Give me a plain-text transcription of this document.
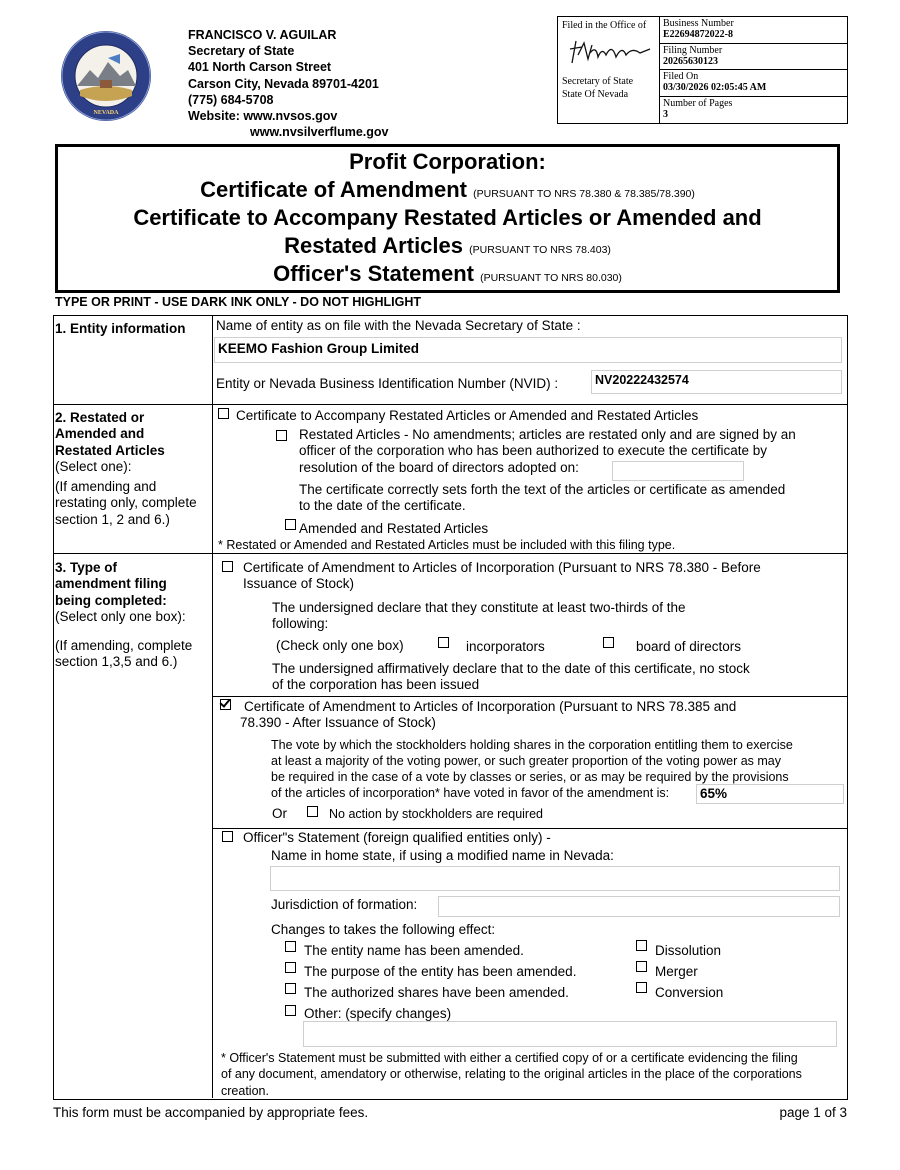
NEVADA
FRANCISCO V. AGUILAR
Secretary of State
401 North Carson Street
Carson City, Nevada 89701-4201
(775) 684-5708
Website: www.nvsos.gov
www.nvsilverflume.gov
Filed in the Office of
Secretary of State
State Of Nevada
Business Number
E22694872022-8
Filing Number
20265630123
Filed On
03/30/2026 02:05:45 AM
Number of Pages
3
Profit Corporation:
Certificate of Amendment (PURSUANT TO NRS 78.380 & 78.385/78.390)
Certificate to Accompany Restated Articles or Amended and
Restated Articles (PURSUANT TO NRS 78.403)
Officer's Statement (PURSUANT TO NRS 80.030)
TYPE OR PRINT - USE DARK INK ONLY - DO NOT HIGHLIGHT
1. Entity information Name of entity as on file with the Nevada Secretary of State :
KEEMO Fashion Group Limited
Entity or Nevada Business Identification Number (NVID) :	NV20222432574
2. Restated or
Amended and
Restated Articles
(Select one):
(If amending and
restating only, complete
section 1, 2 and 6.)
Certificate to Accompany Restated Articles or Amended and Restated Articles
Restated Articles - No amendments; articles are restated only and are signed by an
officer of the corporation who has been authorized to execute the certificate by
resolution of the board of directors adopted on:
The certificate correctly sets forth the text of the articles or certificate as amended
to the date of the certificate.
Amended and Restated Articles
* Restated or Amended and Restated Articles must be included with this filing type.
3. Type of
amendment filing
being completed:
(Select only one box):
(If amending, complete
section 1,3,5 and 6.)
Certificate of Amendment to Articles of Incorporation (Pursuant to NRS 78.380 - Before
Issuance of Stock)
The undersigned declare that they constitute at least two-thirds of the
following:
(Check only one box)	incorporators	board of directors
The undersigned affirmatively declare that to the date of this certificate, no stock
of the corporation has been issued
Certificate of Amendment to Articles of Incorporation (Pursuant to NRS 78.385 and
78.390 - After Issuance of Stock)
The vote by which the stockholders holding shares in the corporation entitling them to exercise
at least a majority of the voting power, or such greater proportion of the voting power as may
be required in the case of a vote by classes or series, or as may be required by the provisions
of the articles of incorporation* have voted in favor of the amendment is:	65%
Or	No action by stockholders are required
Officer"s Statement (foreign qualified entities only) -
Name in home state, if using a modified name in Nevada:
Jurisdiction of formation:
Changes to takes the following effect:
The entity name has been amended.
The purpose of the entity has been amended.
The authorized shares have been amended.
Other: (specify changes)
Dissolution
Merger
Conversion
* Officer's Statement must be submitted with either a certified copy of or a certificate evidencing the filing
of any document, amendatory or otherwise, relating to the original articles in the place of the corporations
creation.
This form must be accompanied by appropriate fees.	page 1 of 3
